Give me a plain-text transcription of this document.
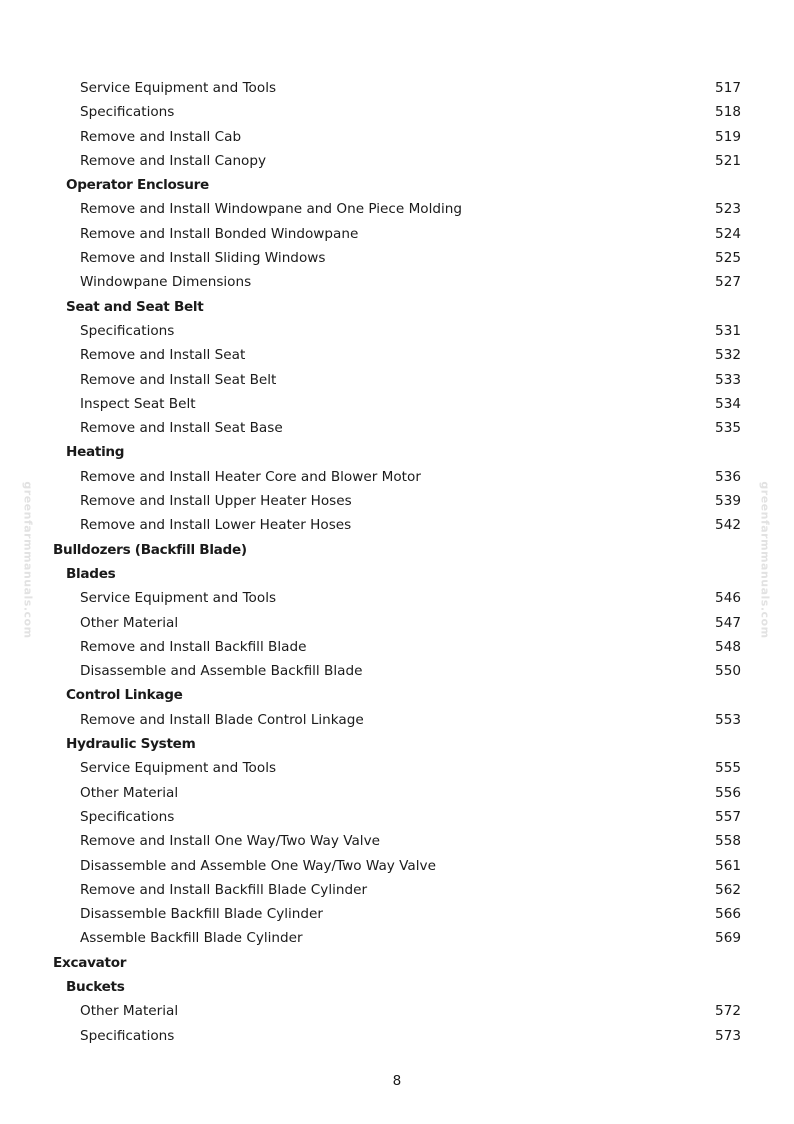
greenfarmmanuals.com	greenfarmmanuals.com
Service Equipment and Tools	517
Specifications	518
Remove and Install Cab	519
Remove and Install Canopy	521
Operator Enclosure
Remove and Install Windowpane and One Piece Molding	523
Remove and Install Bonded Windowpane	524
Remove and Install Sliding Windows	525
Windowpane Dimensions	527
Seat and Seat Belt
Specifications	531
Remove and Install Seat	532
Remove and Install Seat Belt	533
Inspect Seat Belt	534
Remove and Install Seat Base	535
Heating
Remove and Install Heater Core and Blower Motor	536
Remove and Install Upper Heater Hoses	539
Remove and Install Lower Heater Hoses	542
Bulldozers (Backfill Blade)
Blades
Service Equipment and Tools	546
Other Material	547
Remove and Install Backfill Blade	548
Disassemble and Assemble Backfill Blade	550
Control Linkage
Remove and Install Blade Control Linkage	553
Hydraulic System
Service Equipment and Tools	555
Other Material	556
Specifications	557
Remove and Install One Way/Two Way Valve	558
Disassemble and Assemble One Way/Two Way Valve	561
Remove and Install Backfill Blade Cylinder	562
Disassemble Backfill Blade Cylinder	566
Assemble Backfill Blade Cylinder	569
Excavator
Buckets
Other Material	572
Specifications	573
8
